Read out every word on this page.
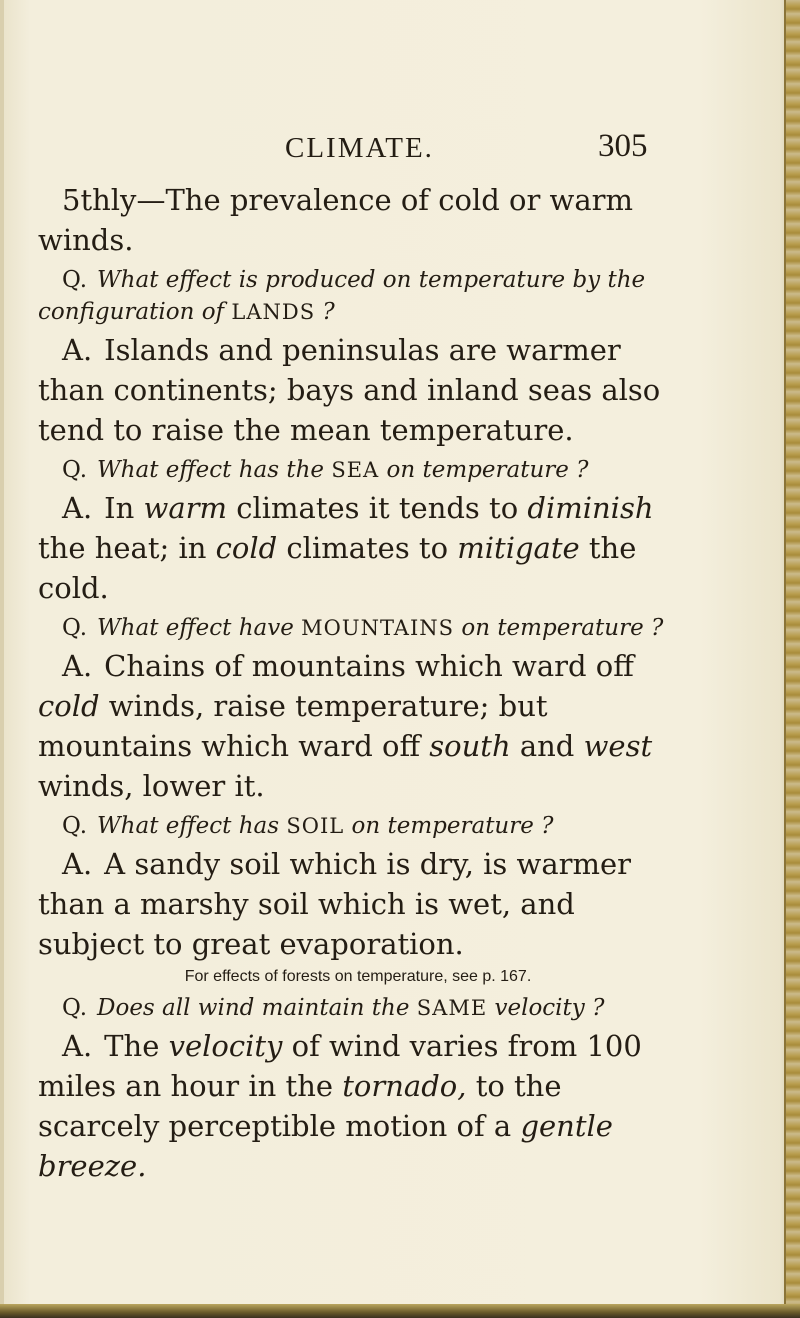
CLIMATE.	305

5thly—The prevalence of cold or warm winds.

Q. What effect is produced on temperature by the configuration of LANDS ?

A. Islands and peninsulas are warmer than continents; bays and inland seas also tend to raise the mean temperature.

Q. What effect has the SEA on temperature ?

A. In warm climates it tends to diminish the heat; in cold climates to mitigate the cold.

Q. What effect have MOUNTAINS on temperature ?

A. Chains of mountains which ward off cold winds, raise temperature; but mountains which ward off south and west winds, lower it.

Q. What effect has SOIL on temperature ?

A. A sandy soil which is dry, is warmer than a marshy soil which is wet, and subject to great evaporation.

For effects of forests on temperature, see p. 167.

Q. Does all wind maintain the SAME velocity ?

A. The velocity of wind varies from 100 miles an hour in the tornado, to the scarcely perceptible motion of a gentle breeze.
